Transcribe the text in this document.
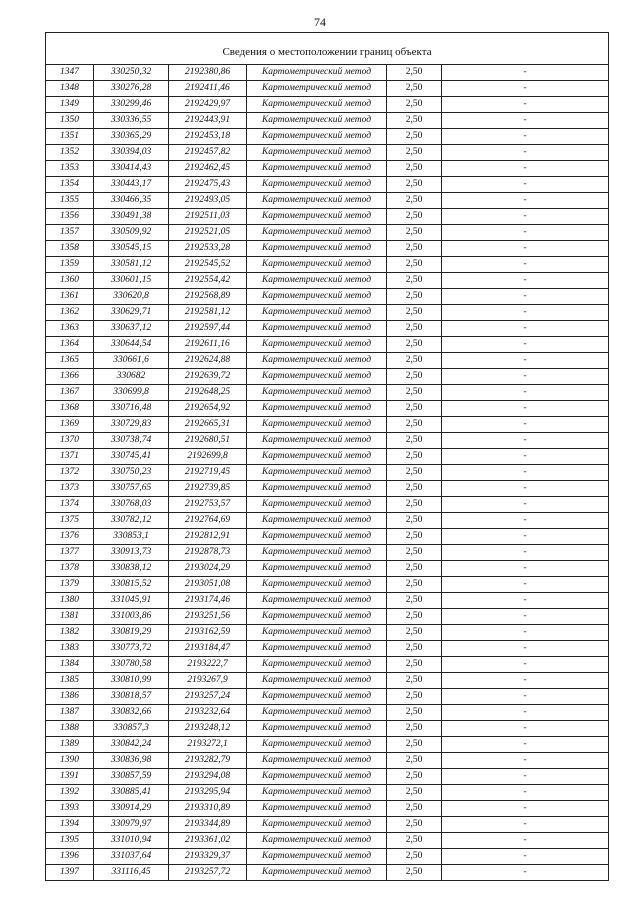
74

Сведения о местоположении границ объекта					
1347	330250,32	2192380,86	Картометрический метод	2,50	-
1348	330276,28	2192411,46	Картометрический метод	2,50	-
1349	330299,46	2192429,97	Картометрический метод	2,50	-
1350	330336,55	2192443,91	Картометрический метод	2,50	-
1351	330365,29	2192453,18	Картометрический метод	2,50	-
1352	330394,03	2192457,82	Картометрический метод	2,50	-
1353	330414,43	2192462,45	Картометрический метод	2,50	-
1354	330443,17	2192475,43	Картометрический метод	2,50	-
1355	330466,35	2192493,05	Картометрический метод	2,50	-
1356	330491,38	2192511,03	Картометрический метод	2,50	-
1357	330509,92	2192521,05	Картометрический метод	2,50	-
1358	330545,15	2192533,28	Картометрический метод	2,50	-
1359	330581,12	2192545,52	Картометрический метод	2,50	-
1360	330601,15	2192554,42	Картометрический метод	2,50	-
1361	330620,8	2192568,89	Картометрический метод	2,50	-
1362	330629,71	2192581,12	Картометрический метод	2,50	-
1363	330637,12	2192597,44	Картометрический метод	2,50	-
1364	330644,54	2192611,16	Картометрический метод	2,50	-
1365	330661,6	2192624,88	Картометрический метод	2,50	-
1366	330682	2192639,72	Картометрический метод	2,50	-
1367	330699,8	2192648,25	Картометрический метод	2,50	-
1368	330716,48	2192654,92	Картометрический метод	2,50	-
1369	330729,83	2192665,31	Картометрический метод	2,50	-
1370	330738,74	2192680,51	Картометрический метод	2,50	-
1371	330745,41	2192699,8	Картометрический метод	2,50	-
1372	330750,23	2192719,45	Картометрический метод	2,50	-
1373	330757,65	2192739,85	Картометрический метод	2,50	-
1374	330768,03	2192753,57	Картометрический метод	2,50	-
1375	330782,12	2192764,69	Картометрический метод	2,50	-
1376	330853,1	2192812,91	Картометрический метод	2,50	-
1377	330913,73	2192878,73	Картометрический метод	2,50	-
1378	330838,12	2193024,29	Картометрический метод	2,50	-
1379	330815,52	2193051,08	Картометрический метод	2,50	-
1380	331045,91	2193174,46	Картометрический метод	2,50	-
1381	331003,86	2193251,56	Картометрический метод	2,50	-
1382	330819,29	2193162,59	Картометрический метод	2,50	-
1383	330773,72	2193184,47	Картометрический метод	2,50	-
1384	330780,58	2193222,7	Картометрический метод	2,50	-
1385	330810,99	2193267,9	Картометрический метод	2,50	-
1386	330818,57	2193257,24	Картометрический метод	2,50	-
1387	330832,66	2193232,64	Картометрический метод	2,50	-
1388	330857,3	2193248,12	Картометрический метод	2,50	-
1389	330842,24	2193272,1	Картометрический метод	2,50	-
1390	330836,98	2193282,79	Картометрический метод	2,50	-
1391	330857,59	2193294,08	Картометрический метод	2,50	-
1392	330885,41	2193295,94	Картометрический метод	2,50	-
1393	330914,29	2193310,89	Картометрический метод	2,50	-
1394	330979,97	2193344,89	Картометрический метод	2,50	-
1395	331010,94	2193361,02	Картометрический метод	2,50	-
1396	331037,64	2193329,37	Картометрический метод	2,50	-
1397	331116,45	2193257,72	Картометрический метод	2,50	-
